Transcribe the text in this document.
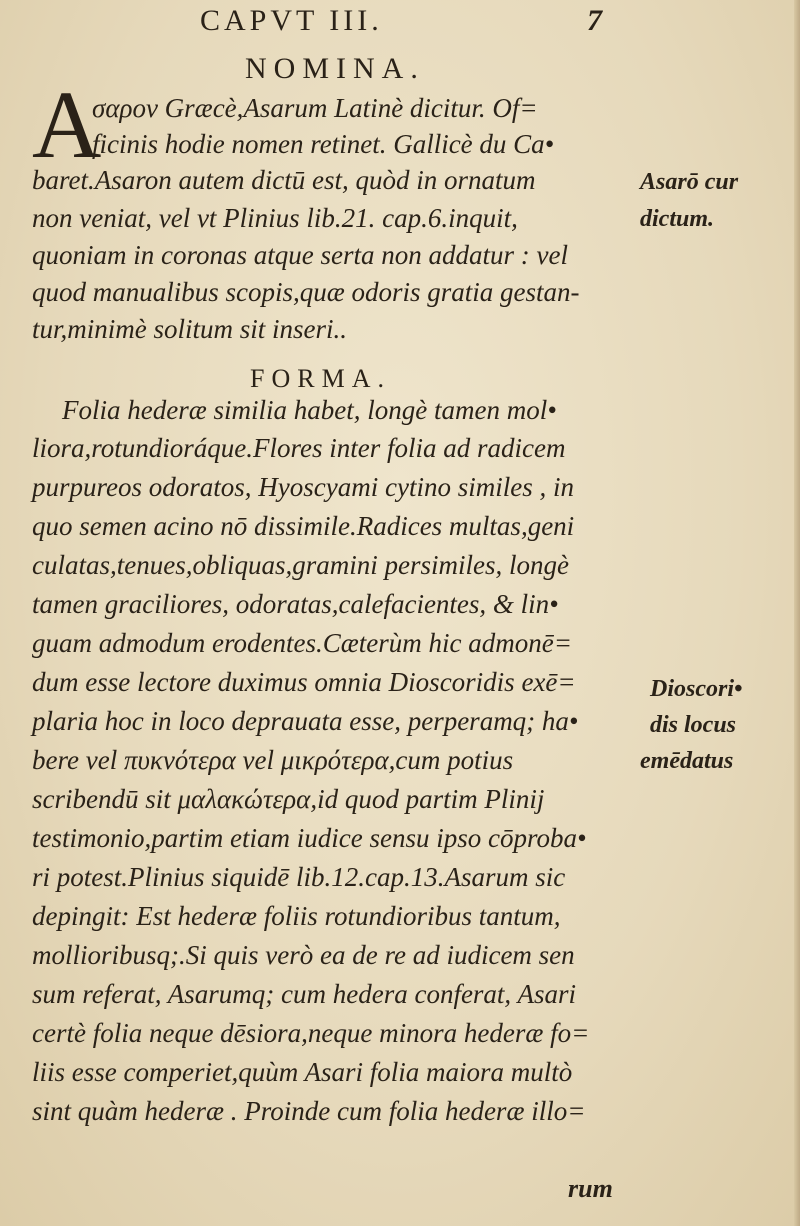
CAPVT III.	7
NOMINA.
A
σαρον Græcè,Asarum Latinè dicitur. Of=
ficinis hodie nomen retinet. Gallicè du Ca•
baret.Asaron autem dictū est, quòd in ornatum
non veniat, vel vt Plinius lib.21. cap.6.inquit,
quoniam in coronas atque serta non addatur : vel
quod manualibus scopis,quæ odoris gratia gestan-
tur,minimè solitum sit inseri..
Asarō cur
dictum.
FORMA.
Folia hederæ similia habet, longè tamen mol•
liora,rotundioráque.Flores inter folia ad radicem
purpureos odoratos, Hyoscyami cytino similes , in
quo semen acino nō dissimile.Radices multas,geni
culatas,tenues,obliquas,gramini persimiles, longè
tamen graciliores, odoratas,calefacientes, & lin•
guam admodum erodentes.Cæterùm hic admonē=
dum esse lectore duximus omnia Dioscoridis exē=
plaria hoc in loco deprauata esse, perperamq; ha•
bere vel πυκνότερα vel μικρότερα,cum potius
scribendū sit μαλακώτερα,id quod partim Plinij
testimonio,partim etiam iudice sensu ipso cōproba•
ri potest.Plinius siquidē lib.12.cap.13.Asarum sic
depingit: Est hederæ foliis rotundioribus tantum,
mollioribusq;.Si quis verò ea de re ad iudicem sen
sum referat, Asarumq; cum hedera conferat, Asari
certè folia neque dēsiora,neque minora hederæ fo=
liis esse comperiet,quùm Asari folia maiora multò
sint quàm hederæ . Proinde cum folia hederæ illo=
Dioscori•
dis locus
emēdatus
rum
